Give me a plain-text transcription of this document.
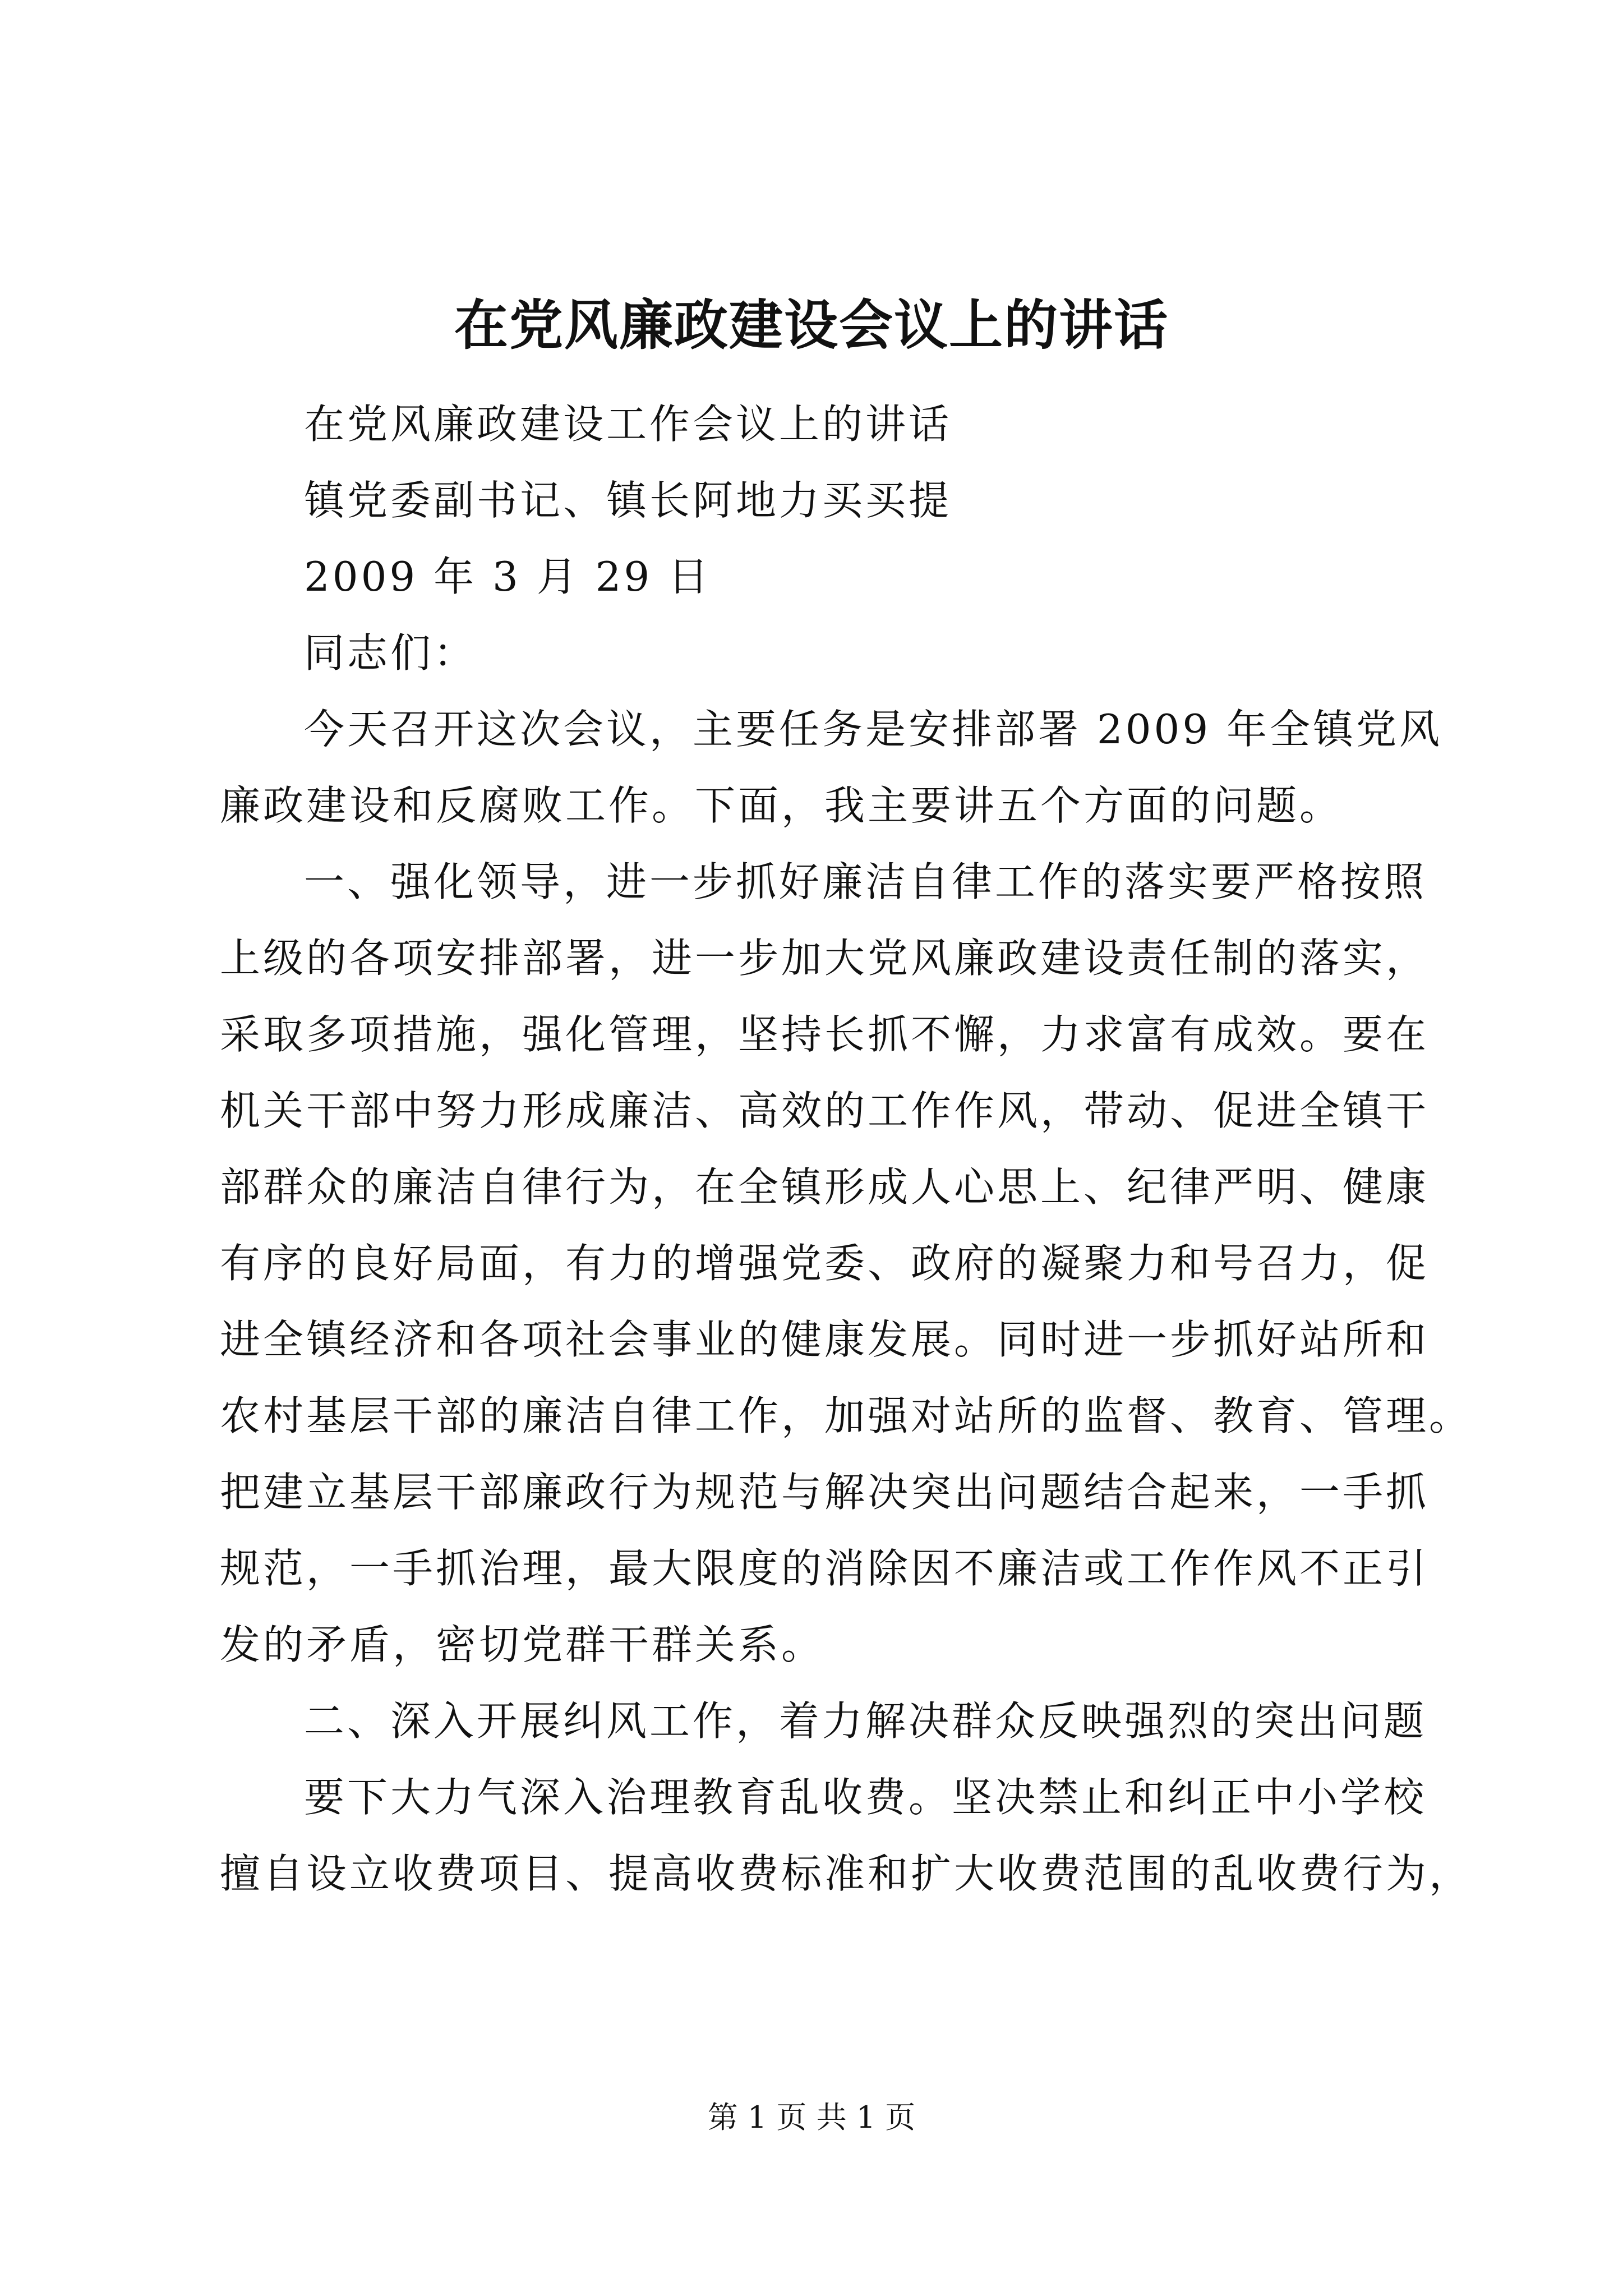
在党风廉政建设会议上的讲话

在党风廉政建设工作会议上的讲话

镇党委副书记、镇长阿地力买买提

2009 年 3 月 29 日

同志们：

今天召开这次会议，主要任务是安排部署 2009 年全镇党风

廉政建设和反腐败工作。下面，我主要讲五个方面的问题。

一、强化领导，进一步抓好廉洁自律工作的落实要严格按照

上级的各项安排部署，进一步加大党风廉政建设责任制的落实，

采取多项措施，强化管理，坚持长抓不懈，力求富有成效。要在

机关干部中努力形成廉洁、高效的工作作风，带动、促进全镇干

部群众的廉洁自律行为，在全镇形成人心思上、纪律严明、健康

有序的良好局面，有力的增强党委、政府的凝聚力和号召力，促

进全镇经济和各项社会事业的健康发展。同时进一步抓好站所和

农村基层干部的廉洁自律工作，加强对站所的监督、教育、管理。

把建立基层干部廉政行为规范与解决突出问题结合起来，一手抓

规范，一手抓治理，最大限度的消除因不廉洁或工作作风不正引

发的矛盾，密切党群干群关系。

二、深入开展纠风工作，着力解决群众反映强烈的突出问题

要下大力气深入治理教育乱收费。坚决禁止和纠正中小学校

擅自设立收费项目、提高收费标准和扩大收费范围的乱收费行为，

第 1 页 共 1 页
